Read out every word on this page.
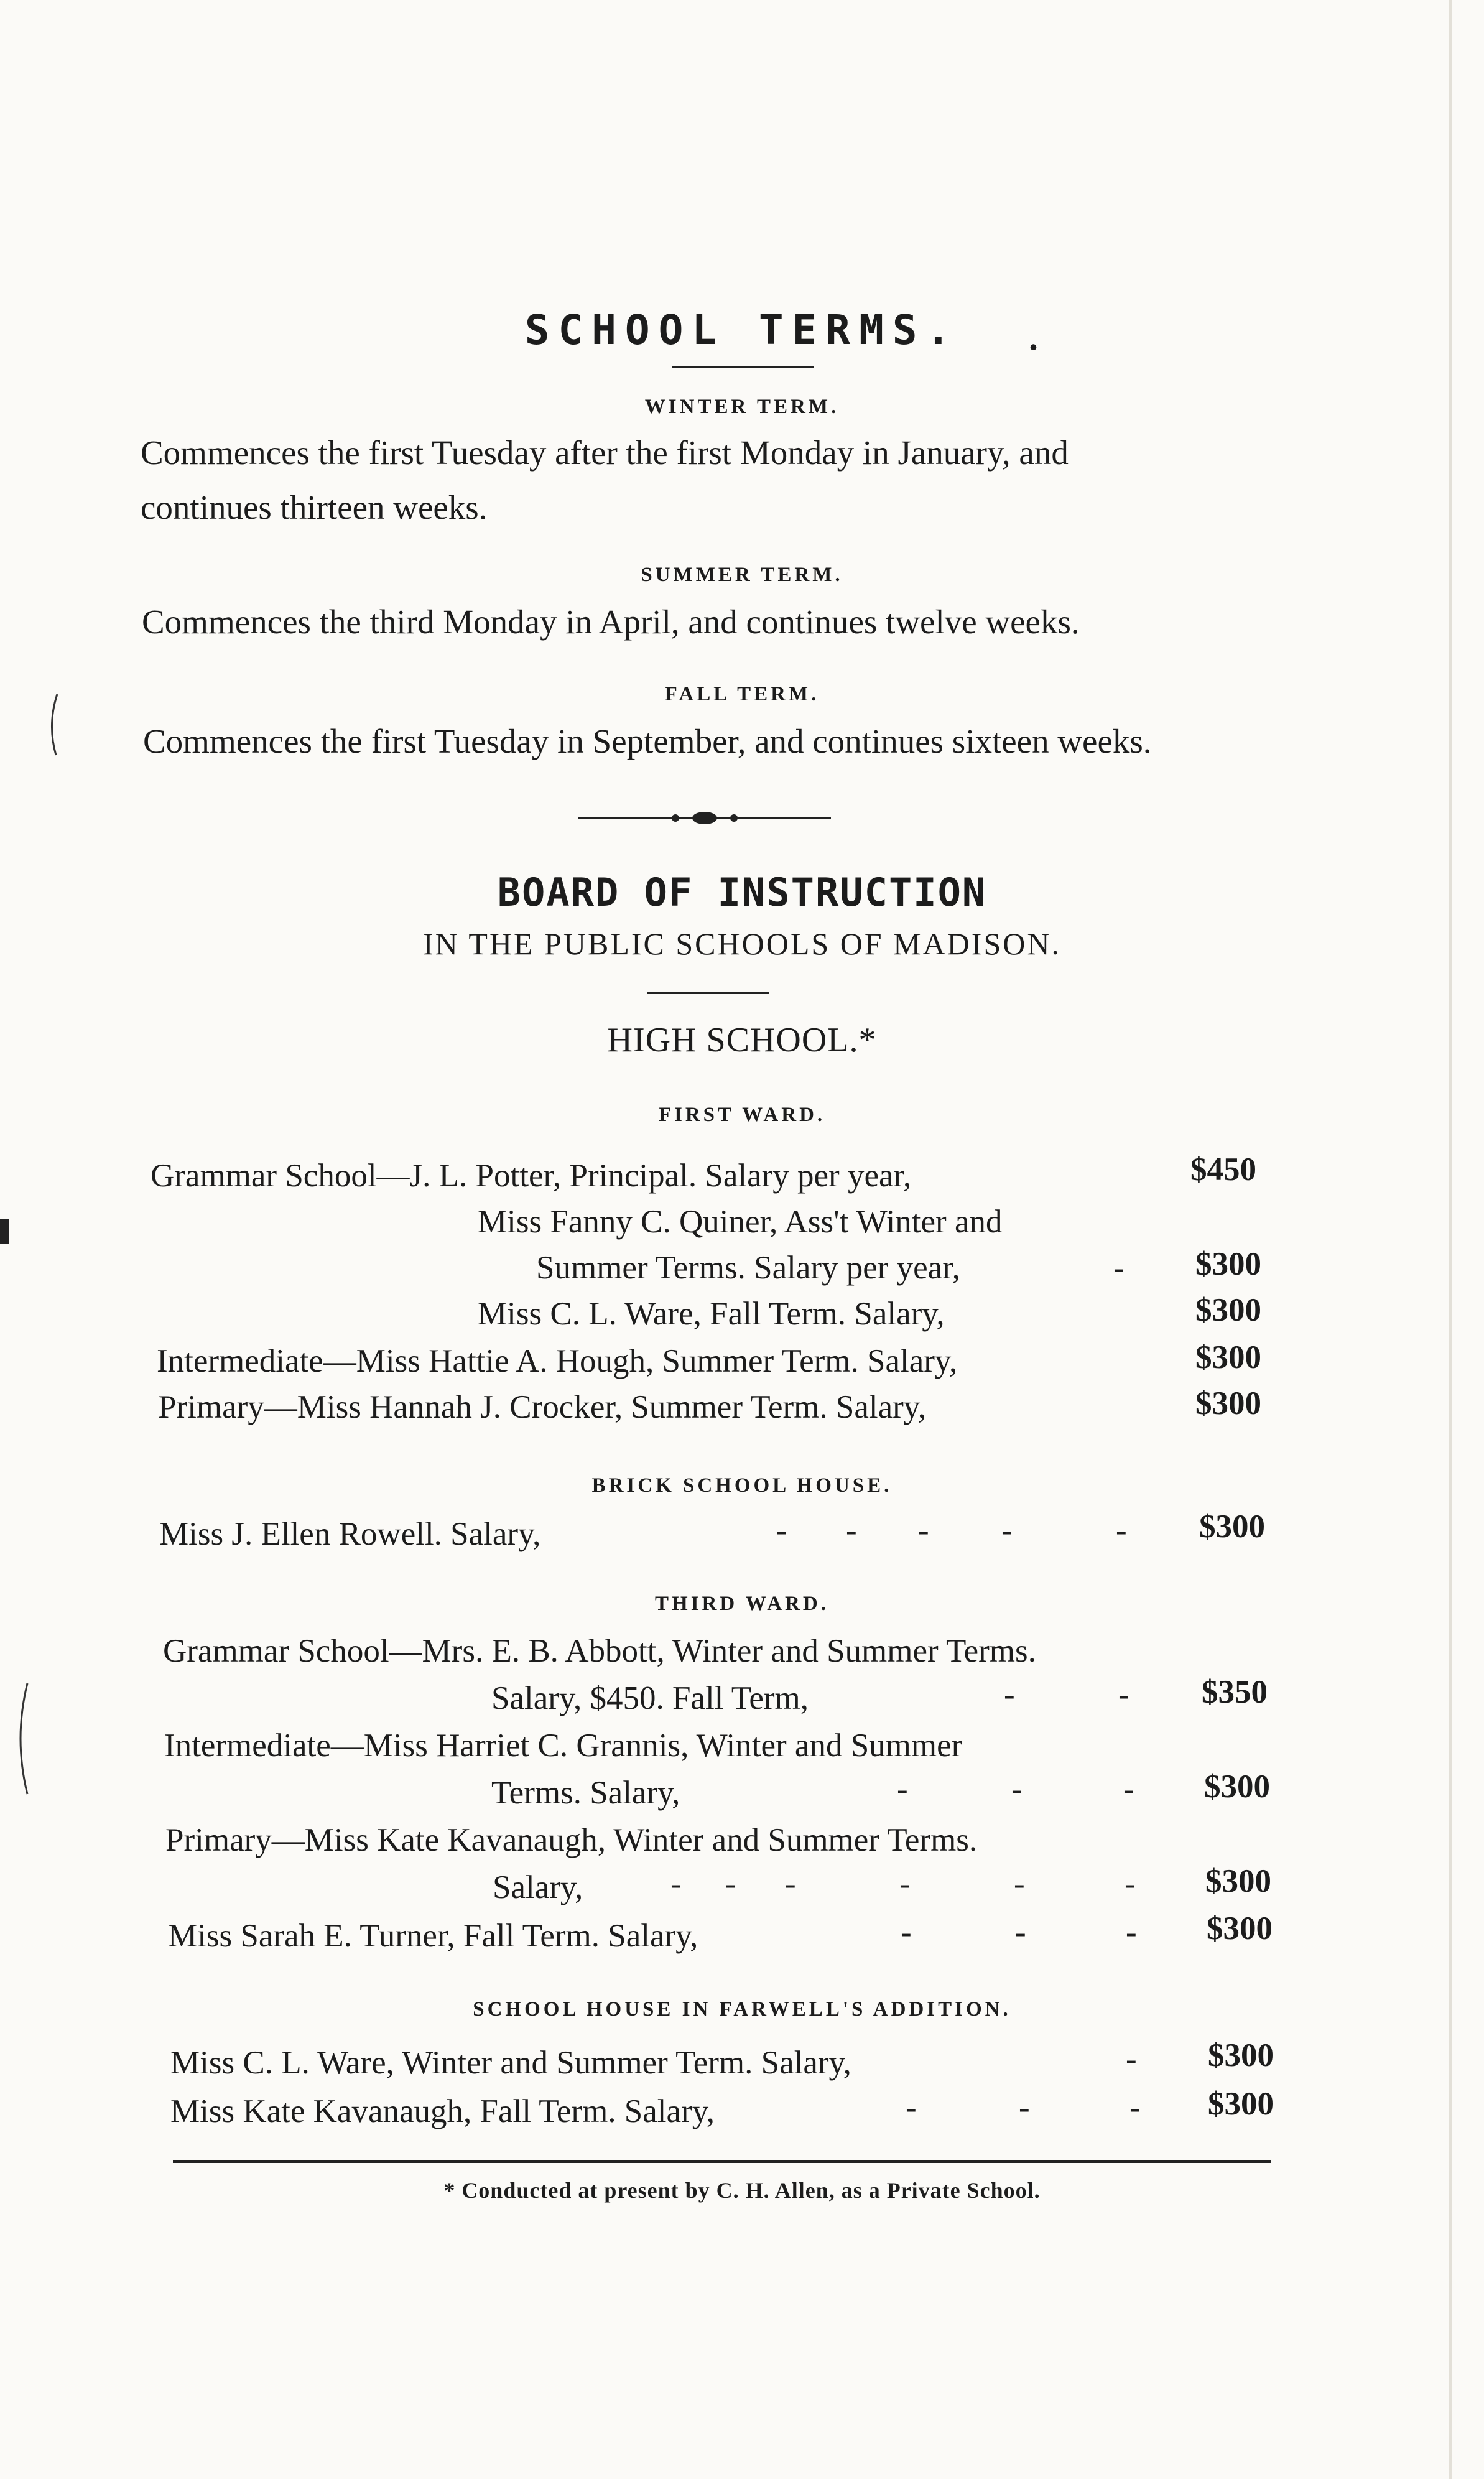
SCHOOL TERMS.	.
WINTER TERM.
Commences the first Tuesday after the first Monday in January, and
continues thirteen weeks.
SUMMER TERM.
Commences the third Monday in April, and continues twelve weeks.
FALL TERM.
Commences the first Tuesday in September, and continues sixteen weeks.
BOARD OF INSTRUCTION
IN THE PUBLIC SCHOOLS OF MADISON.
HIGH SCHOOL.*
FIRST WARD.
Grammar School—J. L. Potter, Principal. Salary per year,	$450
Miss Fanny C. Quiner, Ass't Winter and
Summer Terms. Salary per year,	- $300
Miss C. L. Ware, Fall Term. Salary,	$300
Intermediate—Miss Hattie A. Hough, Summer Term. Salary,	$300
Primary—Miss Hannah J. Crocker, Summer Term. Salary,	$300
BRICK SCHOOL HOUSE.
Miss J. Ellen Rowell. Salary,	- - - -	- $300
THIRD WARD.
Grammar School—Mrs. E. B. Abbott, Winter and Summer Terms.
Salary, $450. Fall Term,	-	- $350
Intermediate—Miss Harriet C. Grannis, Winter and Summer
Terms. Salary,	-	-	- $300
Primary—Miss Kate Kavanaugh, Winter and Summer Terms.
Salary,	- - -	-	-	- $300
Miss Sarah E. Turner, Fall Term. Salary,	-	-	- $300
SCHOOL HOUSE IN FARWELL'S ADDITION.
Miss C. L. Ware, Winter and Summer Term. Salary,	- $300
Miss Kate Kavanaugh, Fall Term. Salary,	-	-	- $300
* Conducted at present by C. H. Allen, as a Private School.
